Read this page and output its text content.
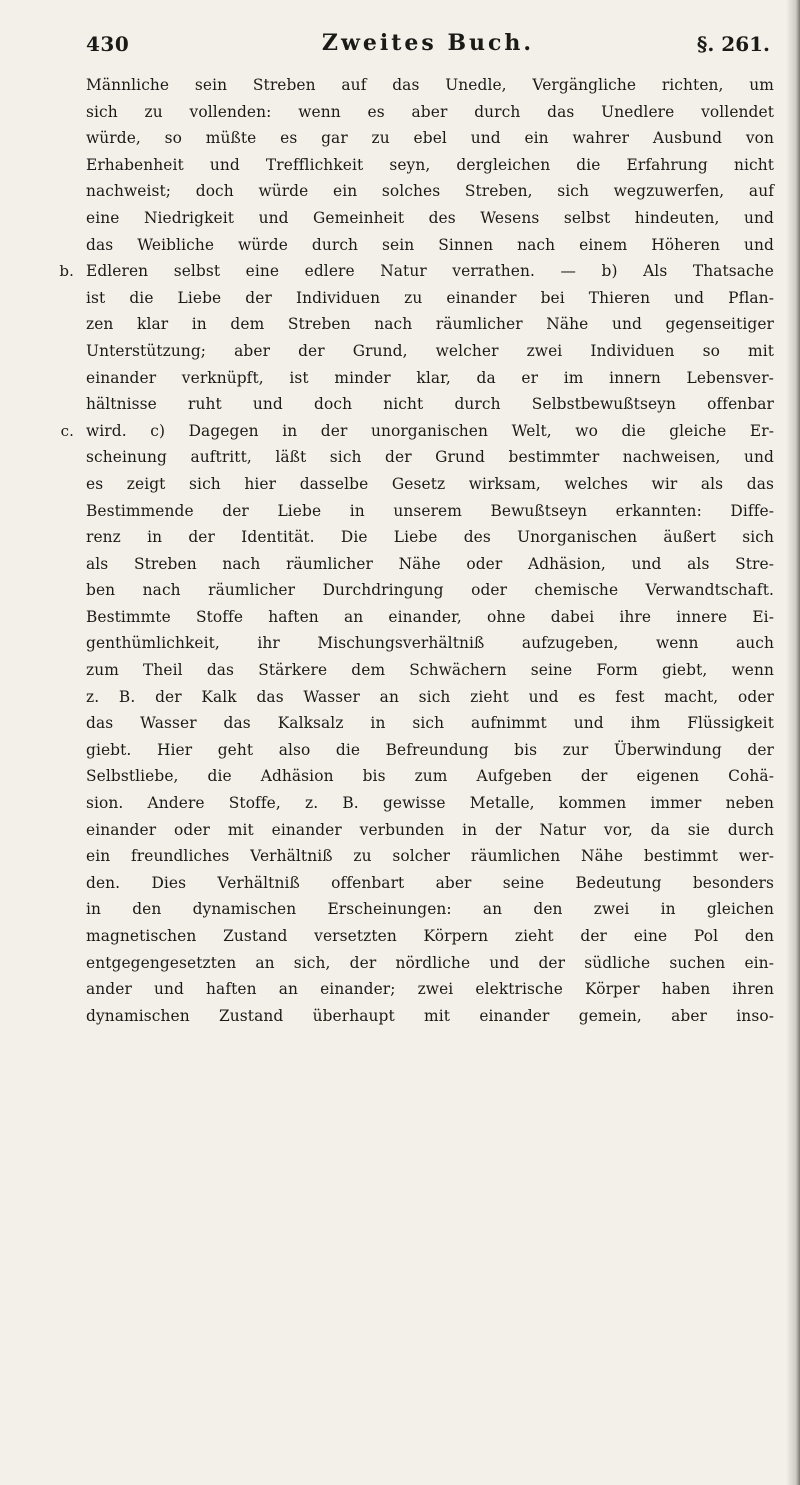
430	Zweites Buch.	§. 261.
Männliche sein Streben auf das Unedle, Vergängliche richten, um
sich zu vollenden: wenn es aber durch das Unedlere vollendet
würde, so müßte es gar zu ebel und ein wahrer Ausbund von
Erhabenheit und Trefflichkeit seyn, dergleichen die Erfahrung nicht
nachweist; doch würde ein solches Streben, sich wegzuwerfen, auf
eine Niedrigkeit und Gemeinheit des Wesens selbst hindeuten, und
das Weibliche würde durch sein Sinnen nach einem Höheren und
b. Edleren selbst eine edlere Natur verrathen. — b) Als Thatsache
ist die Liebe der Individuen zu einander bei Thieren und Pflan-
zen klar in dem Streben nach räumlicher Nähe und gegenseitiger
Unterstützung; aber der Grund, welcher zwei Individuen so mit
einander verknüpft, ist minder klar, da er im innern Lebensver-
hältnisse ruht und doch nicht durch Selbstbewußtseyn offenbar
c. wird. c) Dagegen in der unorganischen Welt, wo die gleiche Er-
scheinung auftritt, läßt sich der Grund bestimmter nachweisen, und
es zeigt sich hier dasselbe Gesetz wirksam, welches wir als das
Bestimmende der Liebe in unserem Bewußtseyn erkannten: Diffe-
renz in der Identität. Die Liebe des Unorganischen äußert sich
als Streben nach räumlicher Nähe oder Adhäsion, und als Stre-
ben nach räumlicher Durchdringung oder chemische Verwandtschaft.
Bestimmte Stoffe haften an einander, ohne dabei ihre innere Ei-
genthümlichkeit, ihr Mischungsverhältniß aufzugeben, wenn auch
zum Theil das Stärkere dem Schwächern seine Form giebt, wenn
z. B. der Kalk das Wasser an sich zieht und es fest macht, oder
das Wasser das Kalksalz in sich aufnimmt und ihm Flüssigkeit
giebt. Hier geht also die Befreundung bis zur Überwindung der
Selbstliebe, die Adhäsion bis zum Aufgeben der eigenen Cohä-
sion. Andere Stoffe, z. B. gewisse Metalle, kommen immer neben
einander oder mit einander verbunden in der Natur vor, da sie durch
ein freundliches Verhältniß zu solcher räumlichen Nähe bestimmt wer-
den. Dies Verhältniß offenbart aber seine Bedeutung besonders
in den dynamischen Erscheinungen: an den zwei in gleichen
magnetischen Zustand versetzten Körpern zieht der eine Pol den
entgegengesetzten an sich, der nördliche und der südliche suchen ein-
ander und haften an einander; zwei elektrische Körper haben ihren
dynamischen Zustand überhaupt mit einander gemein, aber inso-
